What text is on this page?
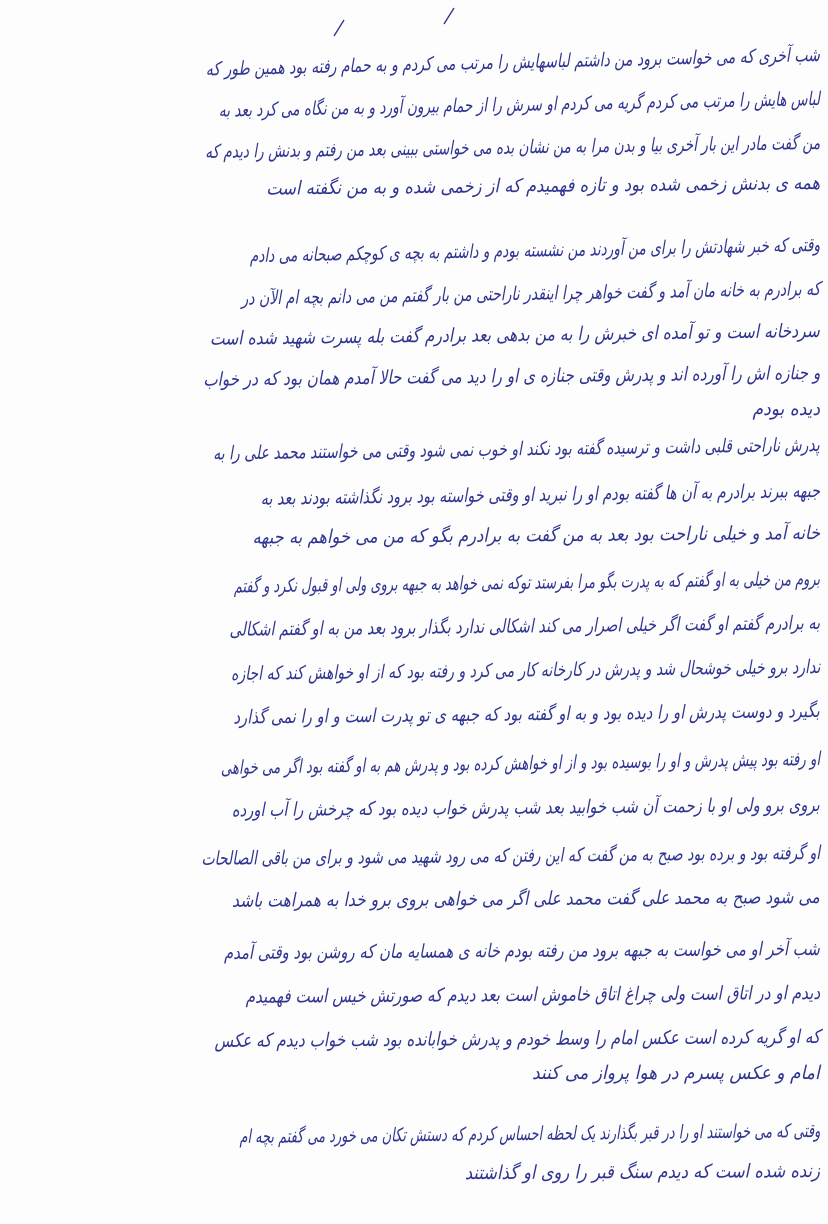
شب آخری که می خواست برود من داشتم لباسهایش را مرتب می کردم و به حمام رفته بود همین طور که
لباس هایش را مرتب می کردم گریه می کردم او سرش را از حمام بیرون آورد و به من نگاه می کرد بعد به
من گفت مادر این بار آخری بیا و بدن مرا به من نشان بده می خواستی ببینی بعد من رفتم و بدنش را دیدم که
همه ی بدنش زخمی شده بود و تازه فهمیدم که از زخمی شده و به من نگفته است
وقتی که خبر شهادتش را برای من آوردند من نشسته بودم و داشتم به بچه ی کوچکم صبحانه می دادم
که برادرم به خانه مان آمد و گفت خواهر چرا اینقدر ناراحتی من بار گفتم من می دانم بچه ام الآن در
سردخانه است و تو آمده ای خبرش را به من بدهی بعد برادرم گفت بله پسرت شهید شده است
و جنازه اش را آورده اند و پدرش وقتی جنازه ی او را دید می گفت حالا آمدم همان بود که در خواب
دیده بودم
پدرش ناراحتی قلبی داشت و ترسیده گفته بود نکند او خوب نمی شود وقتی می خواستند محمد علی را به
جبهه ببرند برادرم به آن ها گفته بودم او را نبرید او وقتی خواسته بود برود نگذاشته بودند بعد به
خانه آمد و خیلی ناراحت بود بعد به من گفت به برادرم بگو که من می خواهم به جبهه
بروم من خیلی به او گفتم که به پدرت بگو مرا بفرستد توکه نمی خواهد به جبهه بروی ولی او قبول نکرد و گفتم
به برادرم گفتم او گفت اگر خیلی اصرار می کند اشکالی ندارد بگذار برود بعد من به او گفتم اشکالی
ندارد برو خیلی خوشحال شد و پدرش در کارخانه کار می کرد و رفته بود که از او خواهش کند که اجازه
بگیرد و دوست پدرش او را دیده بود و به او گفته بود که جبهه ی تو پدرت است و او را نمی گذارد
او رفته بود پیش پدرش و او را بوسیده بود و از او خواهش کرده بود و پدرش هم به او گفته بود اگر می خواهی
بروی برو ولی او با زحمت آن شب خوابید بعد شب پدرش خواب دیده بود که چرخش را آب اورده
او گرفته بود و برده بود صبح به من گفت که این رفتن که می رود شهید می شود و برای من باقی الصالحات
می شود صبح به محمد علی گفت محمد علی اگر می خواهی بروی برو خدا به همراهت باشد
شب آخر او می خواست به جبهه برود من رفته بودم خانه ی همسایه مان که روشن بود وقتی آمدم
دیدم او در اتاق است ولی چراغ اتاق خاموش است بعد دیدم که صورتش خیس است فهمیدم
که او گریه کرده است عکس امام را وسط خودم و پدرش خوابانده بود شب خواب دیدم که عکس
امام و عکس پسرم در هوا پرواز می کنند
وقتی که می خواستند او را در قبر بگذارند یک لحظه احساس کردم که دستش تکان می خورد می گفتم بچه ام
زنده شده است که دیدم سنگ قبر را روی او گذاشتند
